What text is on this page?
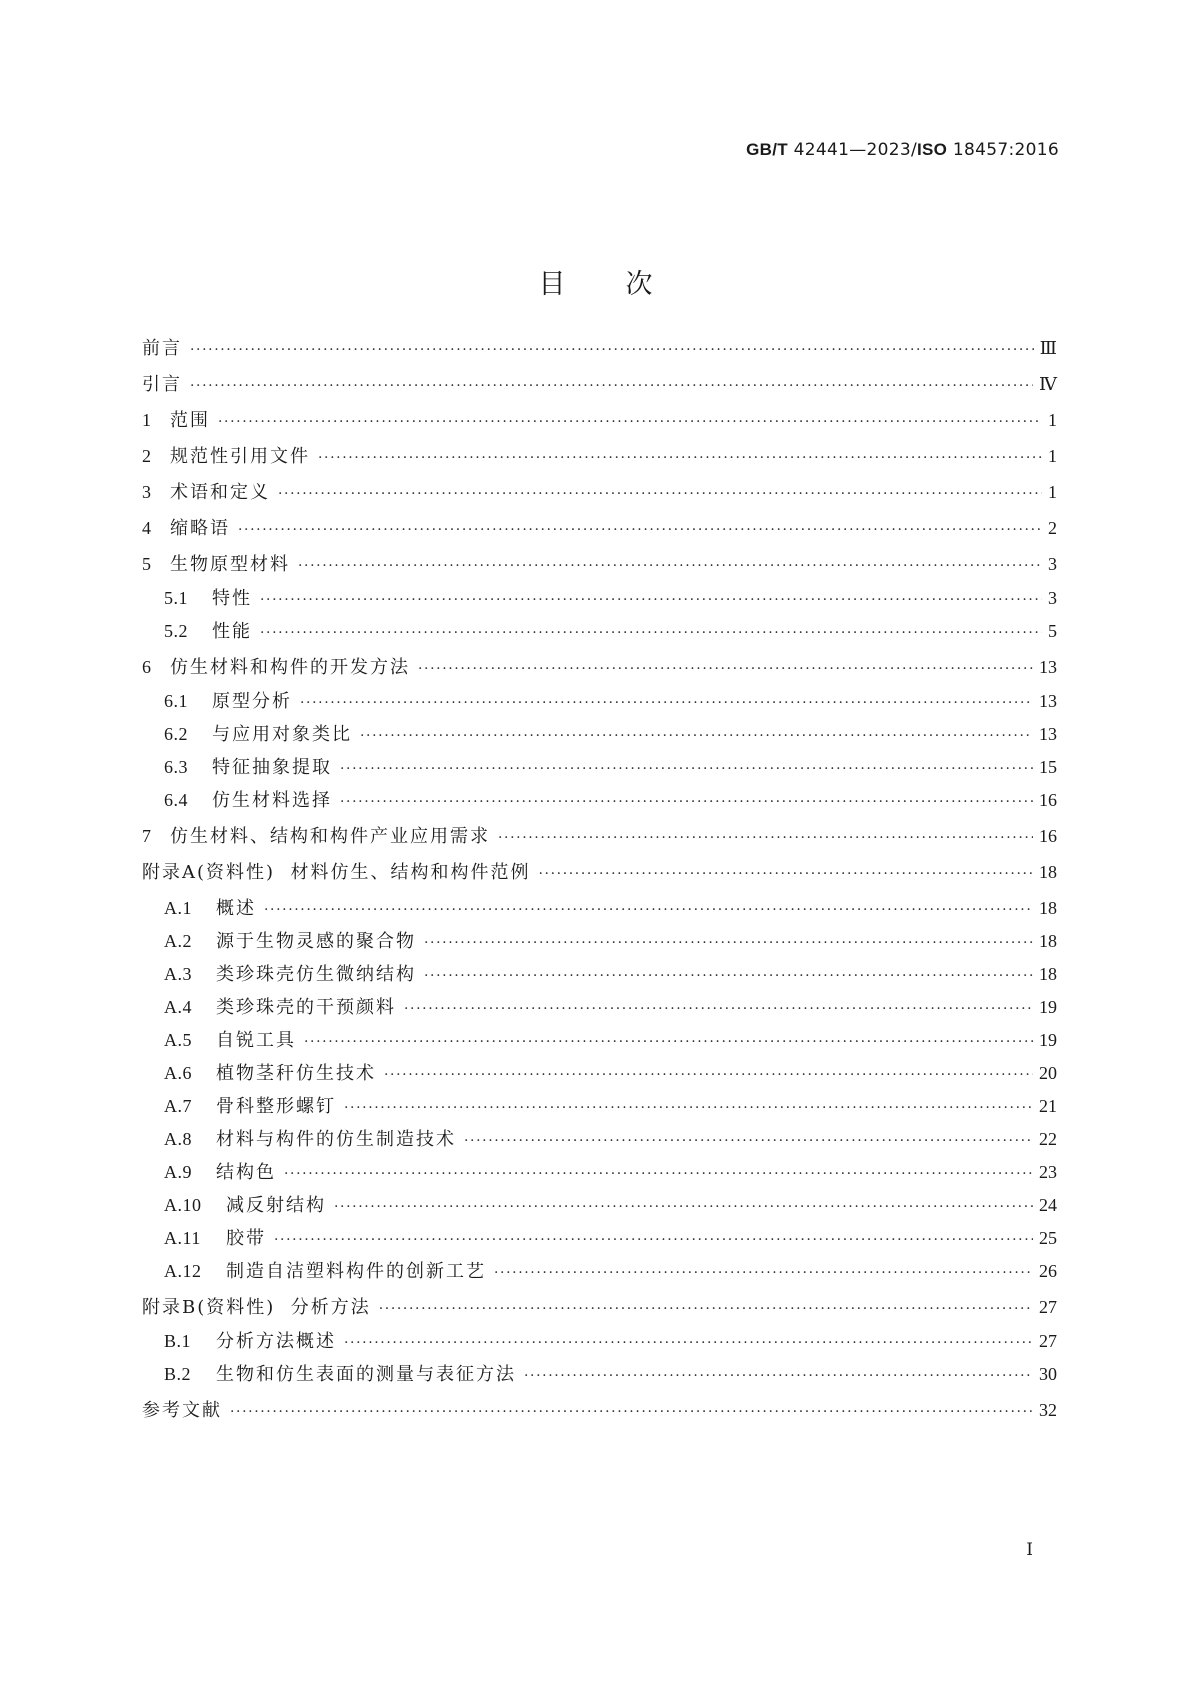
GB/T 42441—2023/ISO 18457:2016
目次
前言 ·····	Ⅲ
引言 ·····	Ⅳ
1	范围 ·····	1
2	规范性引用文件 ·····	1
3	术语和定义 ·····	1
4	缩略语 ·····	2
5	生物原型材料 ·····	3
5.1	特性 ·····	3
5.2	性能 ·····	5
6	仿生材料和构件的开发方法 ·····	13
6.1	原型分析 ·····	13
6.2	与应用对象类比 ·····	13
6.3	特征抽象提取 ·····	15
6.4	仿生材料选择 ·····	16
7	仿生材料、结构和构件产业应用需求 ·····	16
附录A(资料性)  材料仿生、结构和构件范例 ·····	18
A.1	概述 ·····	18
A.2	源于生物灵感的聚合物 ·····	18
A.3	类珍珠壳仿生微纳结构 ·····	18
A.4	类珍珠壳的干预颜料 ·····	19
A.5	自锐工具 ·····	19
A.6	植物茎秆仿生技术 ·····	20
A.7	骨科整形螺钉 ·····	21
A.8	材料与构件的仿生制造技术 ·····	22
A.9	结构色 ·····	23
A.10	减反射结构 ·····	24
A.11	胶带 ·····	25
A.12	制造自洁塑料构件的创新工艺 ·····	26
附录B(资料性)  分析方法 ·····	27
B.1	分析方法概述 ·····	27
B.2	生物和仿生表面的测量与表征方法 ·····	30
参考文献 ·····	32
Ⅰ
